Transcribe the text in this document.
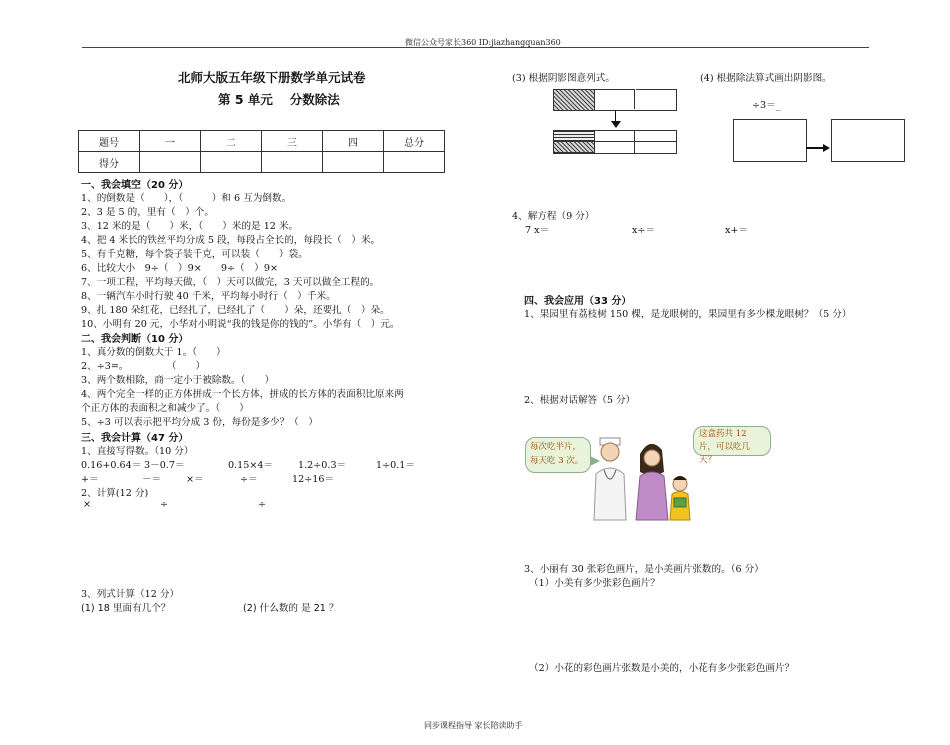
微信公众号家长360 ID:jiazhangquan360
北师大版五年级下册数学单元试卷
第 5 单元　 分数除法
题号	一	二	三	四	总分
得分					
一、我会填空（20 分）
1、的倒数是（　　），（　　　）和 6 互为倒数。
2、3 是 5 的，里有（　）个。
3、12 米的是（　　）米，（　　）米的是 12 米。
4、把 4 米长的铁丝平均分成 5 段，每段占全长的，每段长（　）米。
5、有千克糖，每个袋子装千克，可以装（　　）袋。
6、比较大小　9÷（　）9×　　9÷（　）9×
7、一项工程，平均每天做，（　）天可以做完，3 天可以做全工程的。
8、一辆汽车小时行驶 40 千米，平均每小时行（　）千米。
9、扎 180 朵红花，已经扎了，已经扎了（　　）朵，还要扎（　）朵。
10、小明有 20 元，小华对小明说“我的钱是你的钱的”。小华有（　）元。
二、我会判断（10 分）
1、真分数的倒数大于 1。（　　）
2、÷3=。　　　　　（　　）
3、两个数相除，商一定小于被除数。（　　）
4、两个完全一样的正方体拼成一个长方体，拼成的长方体的表面积比原来两
个正方体的表面积之和减少了。（　　）
5、÷3 可以表示把平均分成 3 份，每份是多少？（　）
三、我会计算（47 分）
1、直接写得数。（10 分）
0.16+0.64＝ 3－0.7＝	0.15×4＝	1.2÷0.3＝	1÷0.1＝
+＝	－＝	×＝	÷＝	12÷16＝
2、计算(12 分)
×	÷	÷
3、列式计算（12 分）
(1) 18 里面有几个？	(2) 什么数的 是 21 ？
(3) 根据阴影图意列式。	(4) 根据除法算式画出阴影图。
÷3＝_
4、解方程（9 分）
7 x＝	x÷＝	x+＝
四、我会应用（33 分）
1、果园里有荔枝树 150 棵，是龙眼树的，果园里有多少棵龙眼树？（5 分）
2、根据对话解答（5 分）
每次吃半片，每天吃 3 次。
这盒药共 12 片，可以吃几天？
3、小丽有 30 张彩色画片，是小美画片张数的。（6 分）
（1）小美有多少张彩色画片？
（2）小花的彩色画片张数是小美的，小花有多少张彩色画片？
同步课程指导 家长陪读助手
